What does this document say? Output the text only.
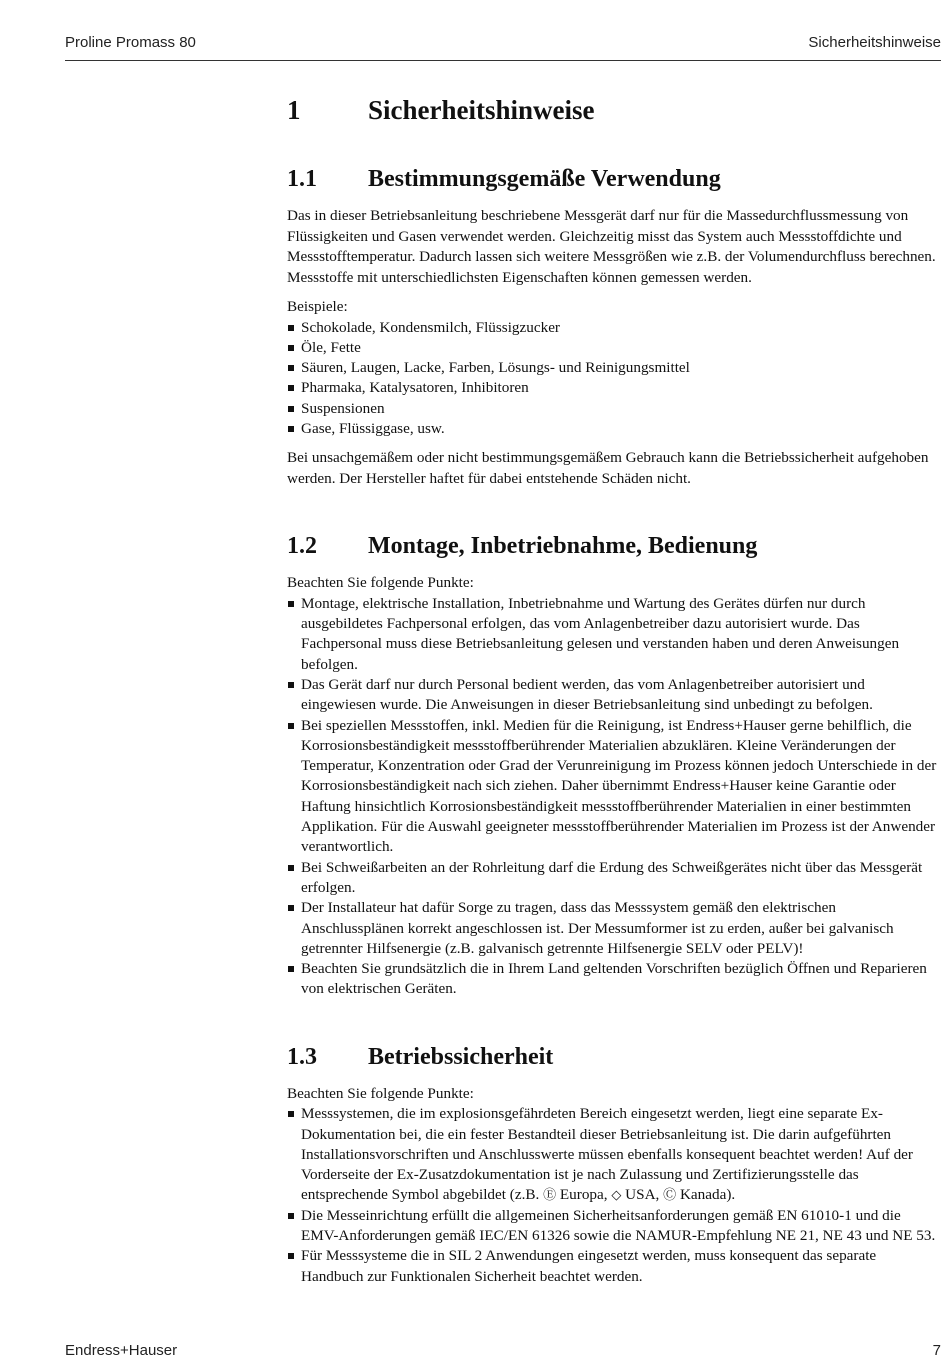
Proline Promass 80	Sicherheitshinweise
1	Sicherheitshinweise
1.1	Bestimmungsgemäße Verwendung

Das in dieser Betriebsanleitung beschriebene Messgerät darf nur für die Massedurchflussmessung von Flüssigkeiten und Gasen verwendet werden. Gleichzeitig misst das System auch Messstoffdichte und Messstofftemperatur. Dadurch lassen sich weitere Messgrößen wie z.B. der Volumendurchfluss berechnen. Messstoffe mit unterschiedlichsten Eigenschaften können gemessen werden.

Beispiele:

Schokolade, Kondensmilch, Flüssigzucker
Öle, Fette
Säuren, Laugen, Lacke, Farben, Lösungs- und Reinigungsmittel
Pharmaka, Katalysatoren, Inhibitoren
Suspensionen
Gase, Flüssiggase, usw.

Bei unsachgemäßem oder nicht bestimmungsgemäßem Gebrauch kann die Betriebssicherheit aufgehoben werden. Der Hersteller haftet für dabei entstehende Schäden nicht.

1.2	Montage, Inbetriebnahme, Bedienung

Beachten Sie folgende Punkte:

Montage, elektrische Installation, Inbetriebnahme und Wartung des Gerätes dürfen nur durch ausgebildetes Fachpersonal erfolgen, das vom Anlagenbetreiber dazu autorisiert wurde. Das Fachpersonal muss diese Betriebsanleitung gelesen und verstanden haben und deren Anweisungen befolgen.
Das Gerät darf nur durch Personal bedient werden, das vom Anlagenbetreiber autorisiert und eingewiesen wurde. Die Anweisungen in dieser Betriebsanleitung sind unbedingt zu befolgen.
Bei speziellen Messstoffen, inkl. Medien für die Reinigung, ist Endress+Hauser gerne behilflich, die Korrosionsbeständigkeit messstoffberührender Materialien abzuklären. Kleine Veränderungen der Temperatur, Konzentration oder Grad der Verunreinigung im Prozess können jedoch Unterschiede in der Korrosionsbeständigkeit nach sich ziehen. Daher übernimmt Endress+Hauser keine Garantie oder Haftung hinsichtlich Korrosionsbeständigkeit messstoffberührender Materialien in einer bestimmten Applikation. Für die Auswahl geeigneter messstoffberührender Materialien im Prozess ist der Anwender verantwortlich.
Bei Schweißarbeiten an der Rohrleitung darf die Erdung des Schweißgerätes nicht über das Messgerät erfolgen.
Der Installateur hat dafür Sorge zu tragen, dass das Messsystem gemäß den elektrischen Anschlussplänen korrekt angeschlossen ist. Der Messumformer ist zu erden, außer bei galvanisch getrennter Hilfsenergie (z.B. galvanisch getrennte Hilfsenergie SELV oder PELV)!
Beachten Sie grundsätzlich die in Ihrem Land geltenden Vorschriften bezüglich Öffnen und Reparieren von elektrischen Geräten.
1.3	Betriebssicherheit

Beachten Sie folgende Punkte:

Messsystemen, die im explosionsgefährdeten Bereich eingesetzt werden, liegt eine separate Ex-Dokumentation bei, die ein fester Bestandteil dieser Betriebsanleitung ist. Die darin aufgeführten Installationsvorschriften und Anschlusswerte müssen ebenfalls konsequent beachtet werden! Auf der Vorderseite der Ex-Zusatzdokumentation ist je nach Zulassung und Zertifizierungsstelle das entsprechende Symbol abgebildet (z.B. Ⓔ Europa, ◇ USA, Ⓒ Kanada).
Die Messeinrichtung erfüllt die allgemeinen Sicherheitsanforderungen gemäß EN 61010-1 und die EMV-Anforderungen gemäß IEC/EN 61326 sowie die NAMUR-Empfehlung NE 21, NE 43 und NE 53.
Für Messsysteme die in SIL 2 Anwendungen eingesetzt werden, muss konsequent das separate Handbuch zur Funktionalen Sicherheit beachtet werden.
Endress+Hauser	7
